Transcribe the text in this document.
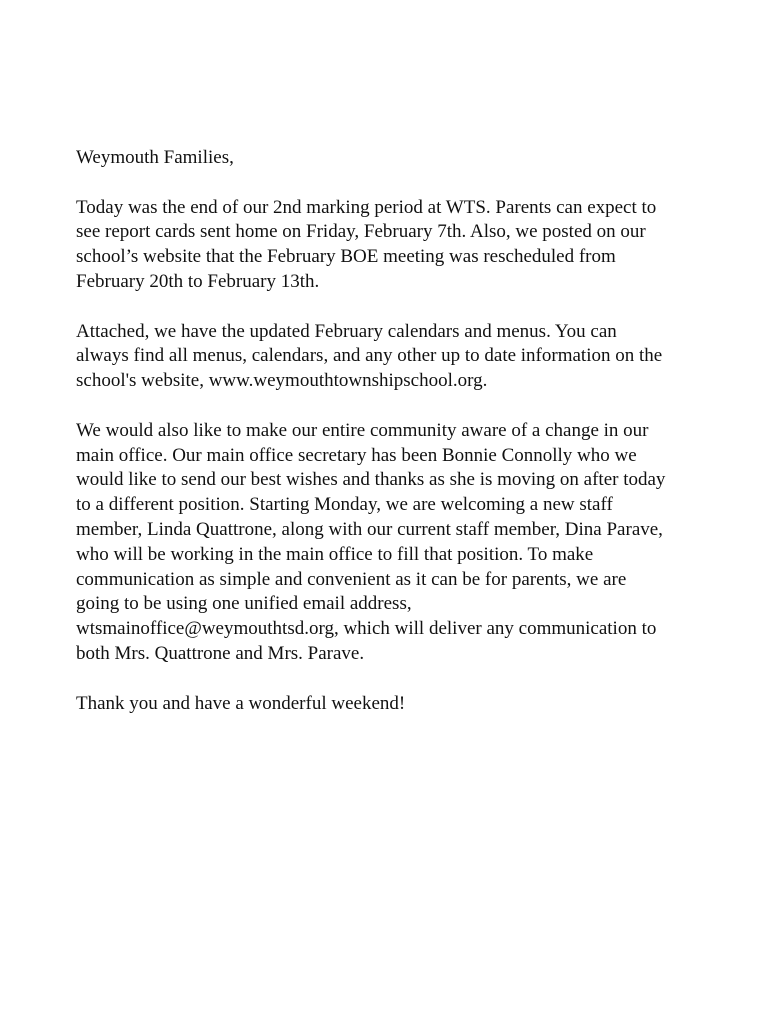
Weymouth Families,

Today was the end of our 2nd marking period at WTS. Parents can expect to
see report cards sent home on Friday, February 7th. Also, we posted on our
school’s website that the February BOE meeting was rescheduled from
February 20th to February 13th.

Attached, we have the updated February calendars and menus. You can
always find all menus, calendars, and any other up to date information on the
school's website, www.weymouthtownshipschool.org.

We would also like to make our entire community aware of a change in our
main office. Our main office secretary has been Bonnie Connolly who we
would like to send our best wishes and thanks as she is moving on after today
to a different position. Starting Monday, we are welcoming a new staff
member, Linda Quattrone, along with our current staff member, Dina Parave,
who will be working in the main office to fill that position. To make
communication as simple and convenient as it can be for parents, we are
going to be using one unified email address,
wtsmainoffice@weymouthtsd.org, which will deliver any communication to
both Mrs. Quattrone and Mrs. Parave.

Thank you and have a wonderful weekend!
